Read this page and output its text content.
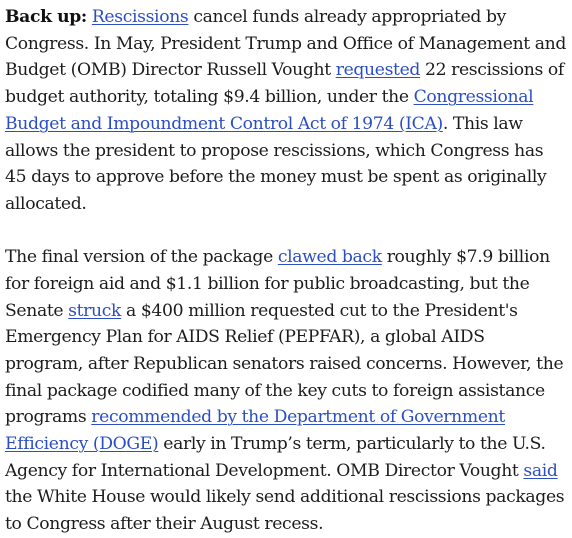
Back up: Rescissions cancel funds already appropriated by Congress. In May, President Trump and Office of Management and Budget (OMB) Director Russell Vought requested 22 rescissions of budget authority, totaling $9.4 billion, under the Congressional Budget and Impoundment Control Act of 1974 (ICA). This law allows the president to propose rescissions, which Congress has 45 days to approve before the money must be spent as originally allocated.

The final version of the package clawed back roughly $7.9 billion for foreign aid and $1.1 billion for public broadcasting, but the Senate struck a $400 million requested cut to the President's Emergency Plan for AIDS Relief (PEPFAR), a global AIDS program, after Republican senators raised concerns. However, the final package codified many of the key cuts to foreign assistance programs recommended by the Department of Government Efficiency (DOGE) early in Trump’s term, particularly to the U.S. Agency for International Development. OMB Director Vought said the White House would likely send additional rescissions packages to Congress after their August recess.
